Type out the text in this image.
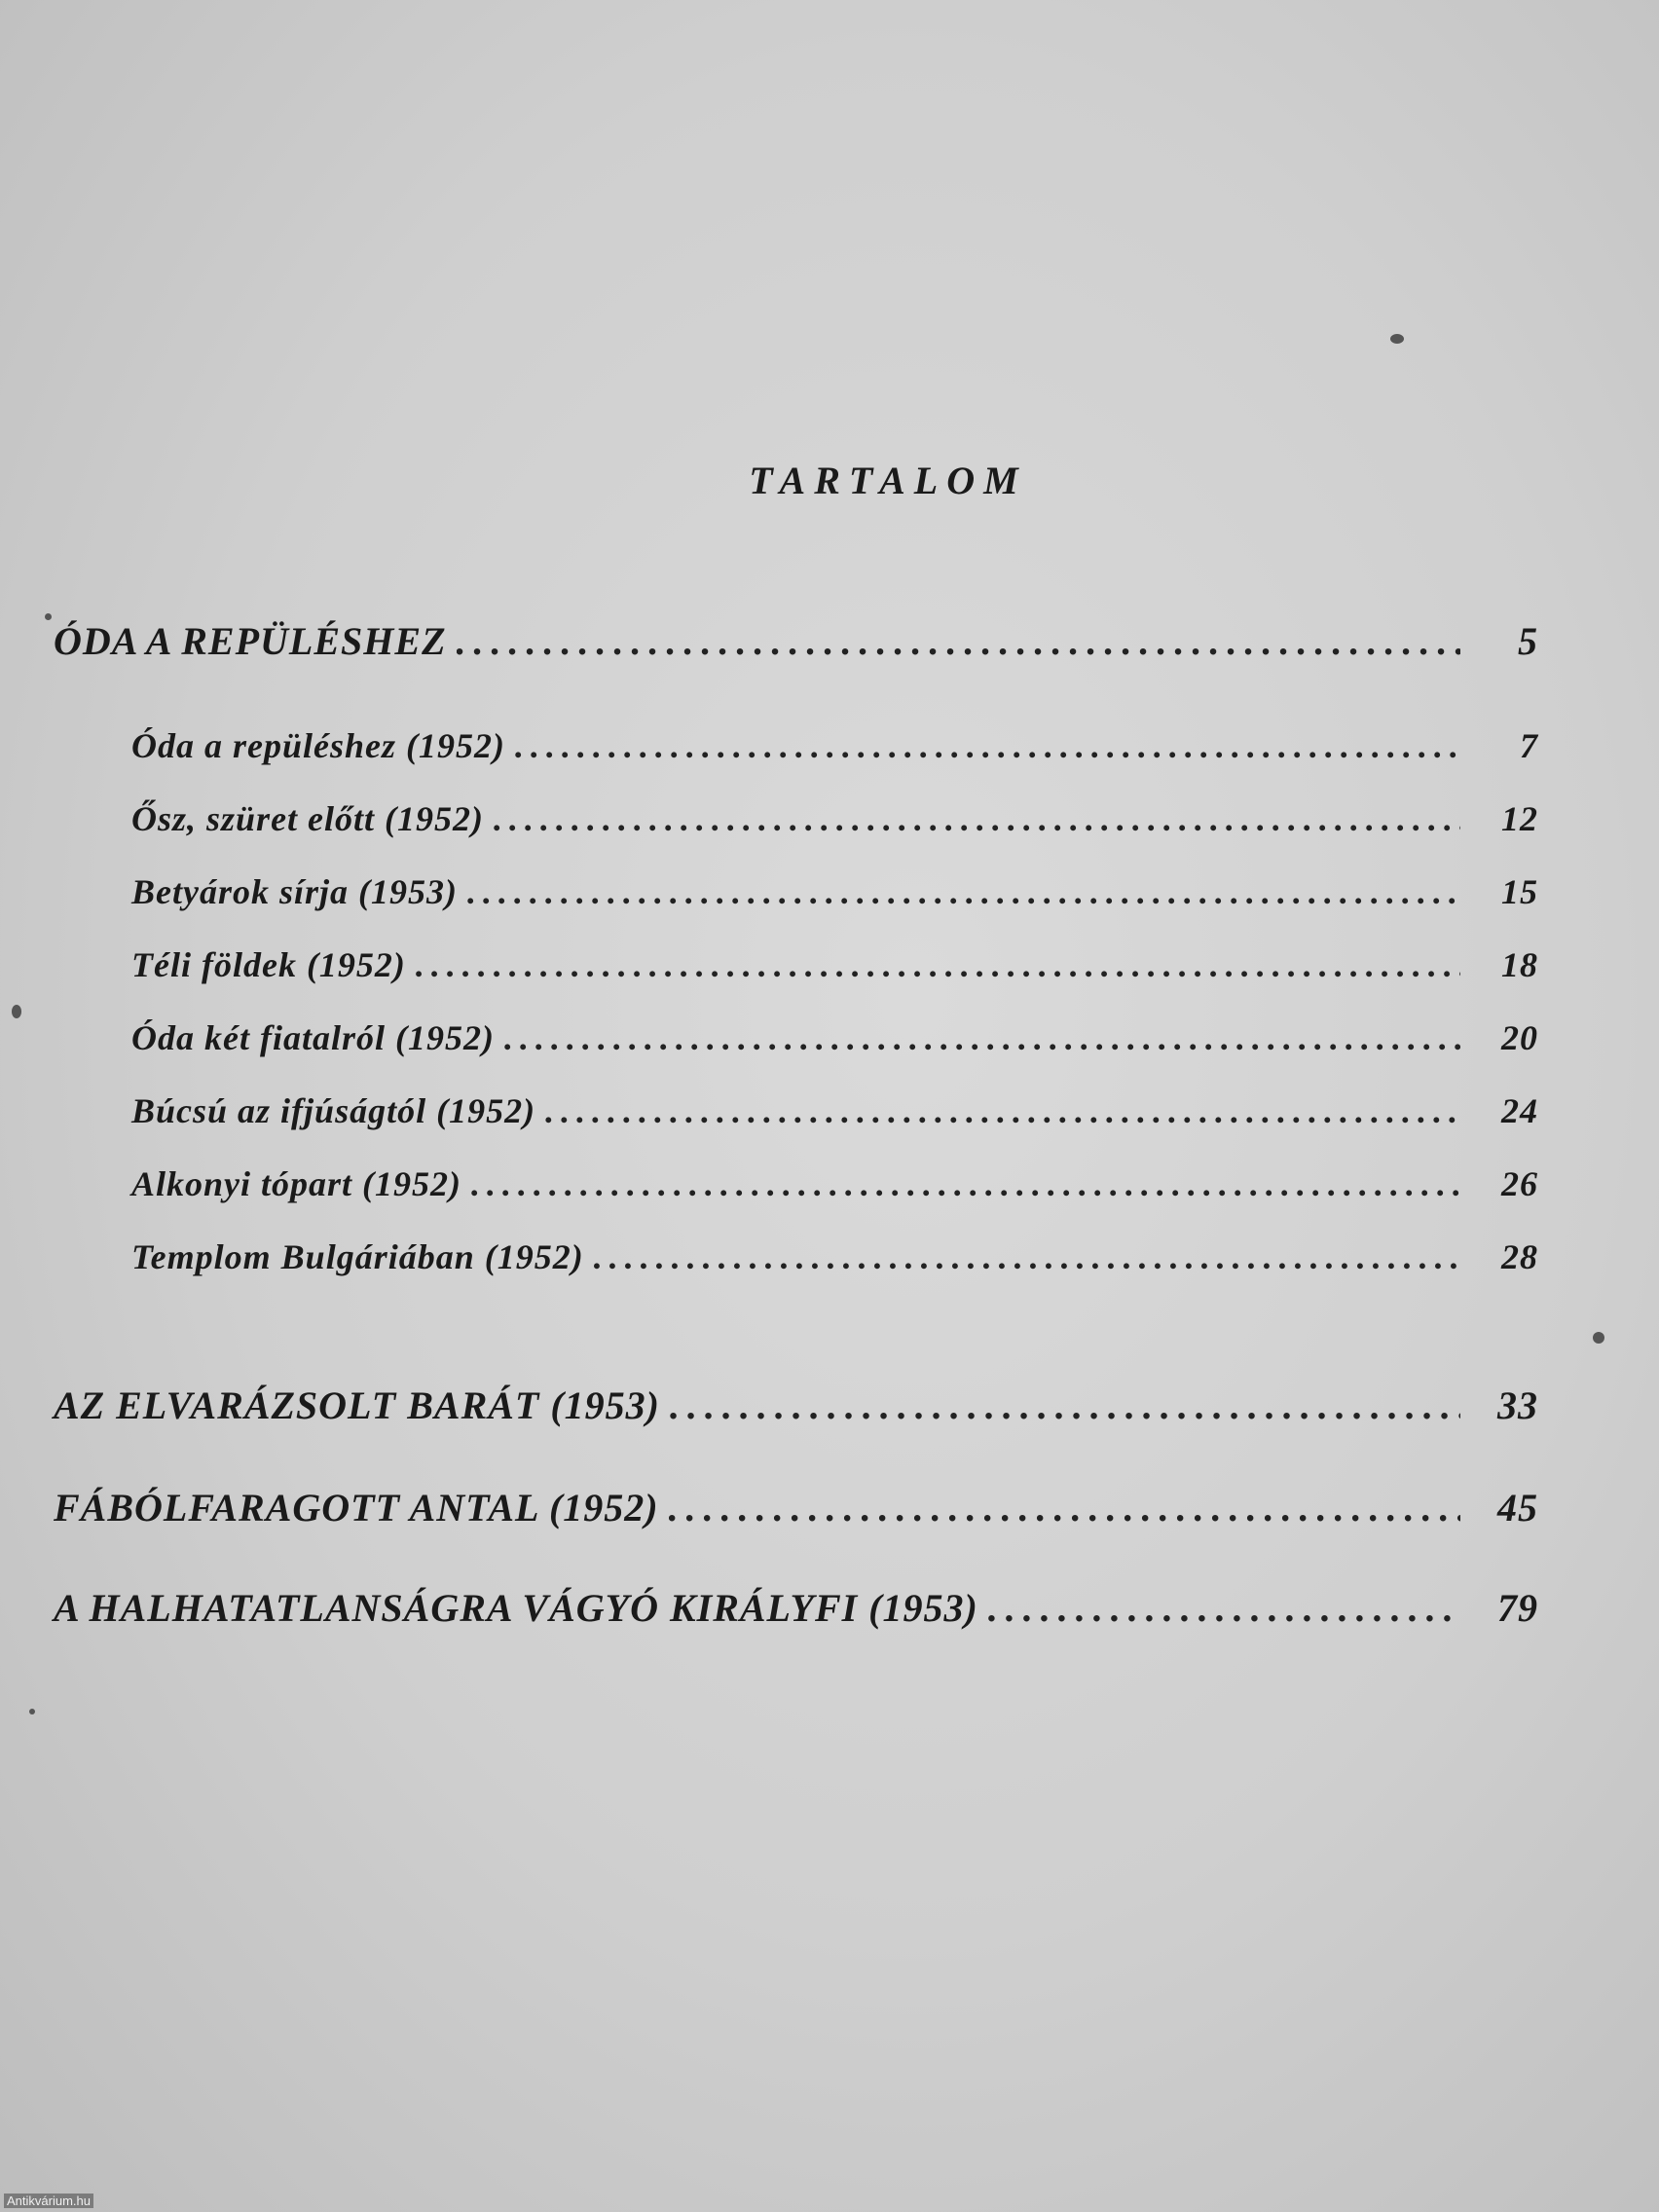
TARTALOM
ÓDA A REPÜLÉSHEZ . . .	5
Óda a repüléshez (1952) . . .	7
Ősz, szüret előtt (1952) . . .	12
Betyárok sírja (1953) . . .	15
Téli földek (1952) . . .	18
Óda két fiatalról (1952) . . .	20
Búcsú az ifjúságtól (1952) . . .	24
Alkonyi tópart (1952) . . .	26
Templom Bulgáriában (1952) . . .	28
AZ ELVARÁZSOLT BARÁT (1953) . . .	33
FÁBÓLFARAGOTT ANTAL (1952) . . .	45
A HALHATATLANSÁGRA VÁGYÓ KIRÁLYFI (1953) . . .	79
Antikvárium.hu
